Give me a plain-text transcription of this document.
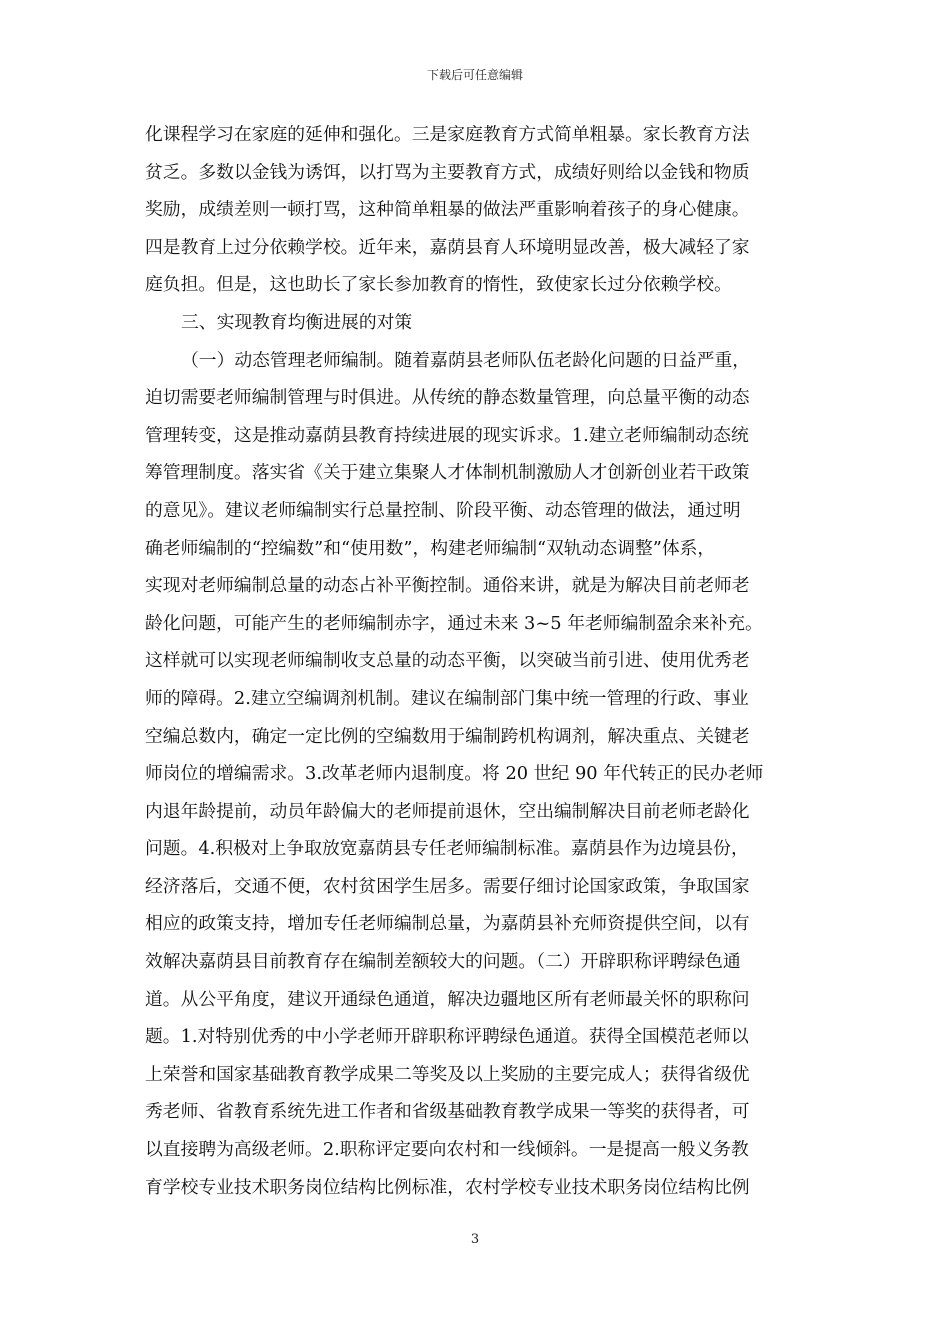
下载后可任意编辑
化课程学习在家庭的延伸和强化。三是家庭教育方式简单粗暴。家长教育方法
贫乏。多数以金钱为诱饵，以打骂为主要教育方式，成绩好则给以金钱和物质
奖励，成绩差则一顿打骂，这种简单粗暴的做法严重影响着孩子的身心健康。
四是教育上过分依赖学校。近年来，嘉荫县育人环境明显改善，极大减轻了家
庭负担。但是，这也助长了家长参加教育的惰性，致使家长过分依赖学校。
三、实现教育均衡进展的对策
（一）动态管理老师编制。随着嘉荫县老师队伍老龄化问题的日益严重，
迫切需要老师编制管理与时俱进。从传统的静态数量管理，向总量平衡的动态
管理转变，这是推动嘉荫县教育持续进展的现实诉求。1.建立老师编制动态统
筹管理制度。落实省《关于建立集聚人才体制机制激励人才创新创业若干政策
的意见》。建议老师编制实行总量控制、阶段平衡、动态管理的做法，通过明
确老师编制的“控编数”和“使用数”，构建老师编制“双轨动态调整”体系，
实现对老师编制总量的动态占补平衡控制。通俗来讲，就是为解决目前老师老
龄化问题，可能产生的老师编制赤字，通过未来 3~5 年老师编制盈余来补充。
这样就可以实现老师编制收支总量的动态平衡，以突破当前引进、使用优秀老
师的障碍。2.建立空编调剂机制。建议在编制部门集中统一管理的行政、事业
空编总数内，确定一定比例的空编数用于编制跨机构调剂，解决重点、关键老
师岗位的增编需求。3.改革老师内退制度。将 20 世纪 90 年代转正的民办老师
内退年龄提前，动员年龄偏大的老师提前退休，空出编制解决目前老师老龄化
问题。4.积极对上争取放宽嘉荫县专任老师编制标准。嘉荫县作为边境县份，
经济落后，交通不便，农村贫困学生居多。需要仔细讨论国家政策，争取国家
相应的政策支持，增加专任老师编制总量，为嘉荫县补充师资提供空间，以有
效解决嘉荫县目前教育存在编制差额较大的问题。（二）开辟职称评聘绿色通
道。从公平角度，建议开通绿色通道，解决边疆地区所有老师最关怀的职称问
题。1.对特别优秀的中小学老师开辟职称评聘绿色通道。获得全国模范老师以
上荣誉和国家基础教育教学成果二等奖及以上奖励的主要完成人；获得省级优
秀老师、省教育系统先进工作者和省级基础教育教学成果一等奖的获得者，可
以直接聘为高级老师。2.职称评定要向农村和一线倾斜。一是提高一般义务教
育学校专业技术职务岗位结构比例标准，农村学校专业技术职务岗位结构比例
3
